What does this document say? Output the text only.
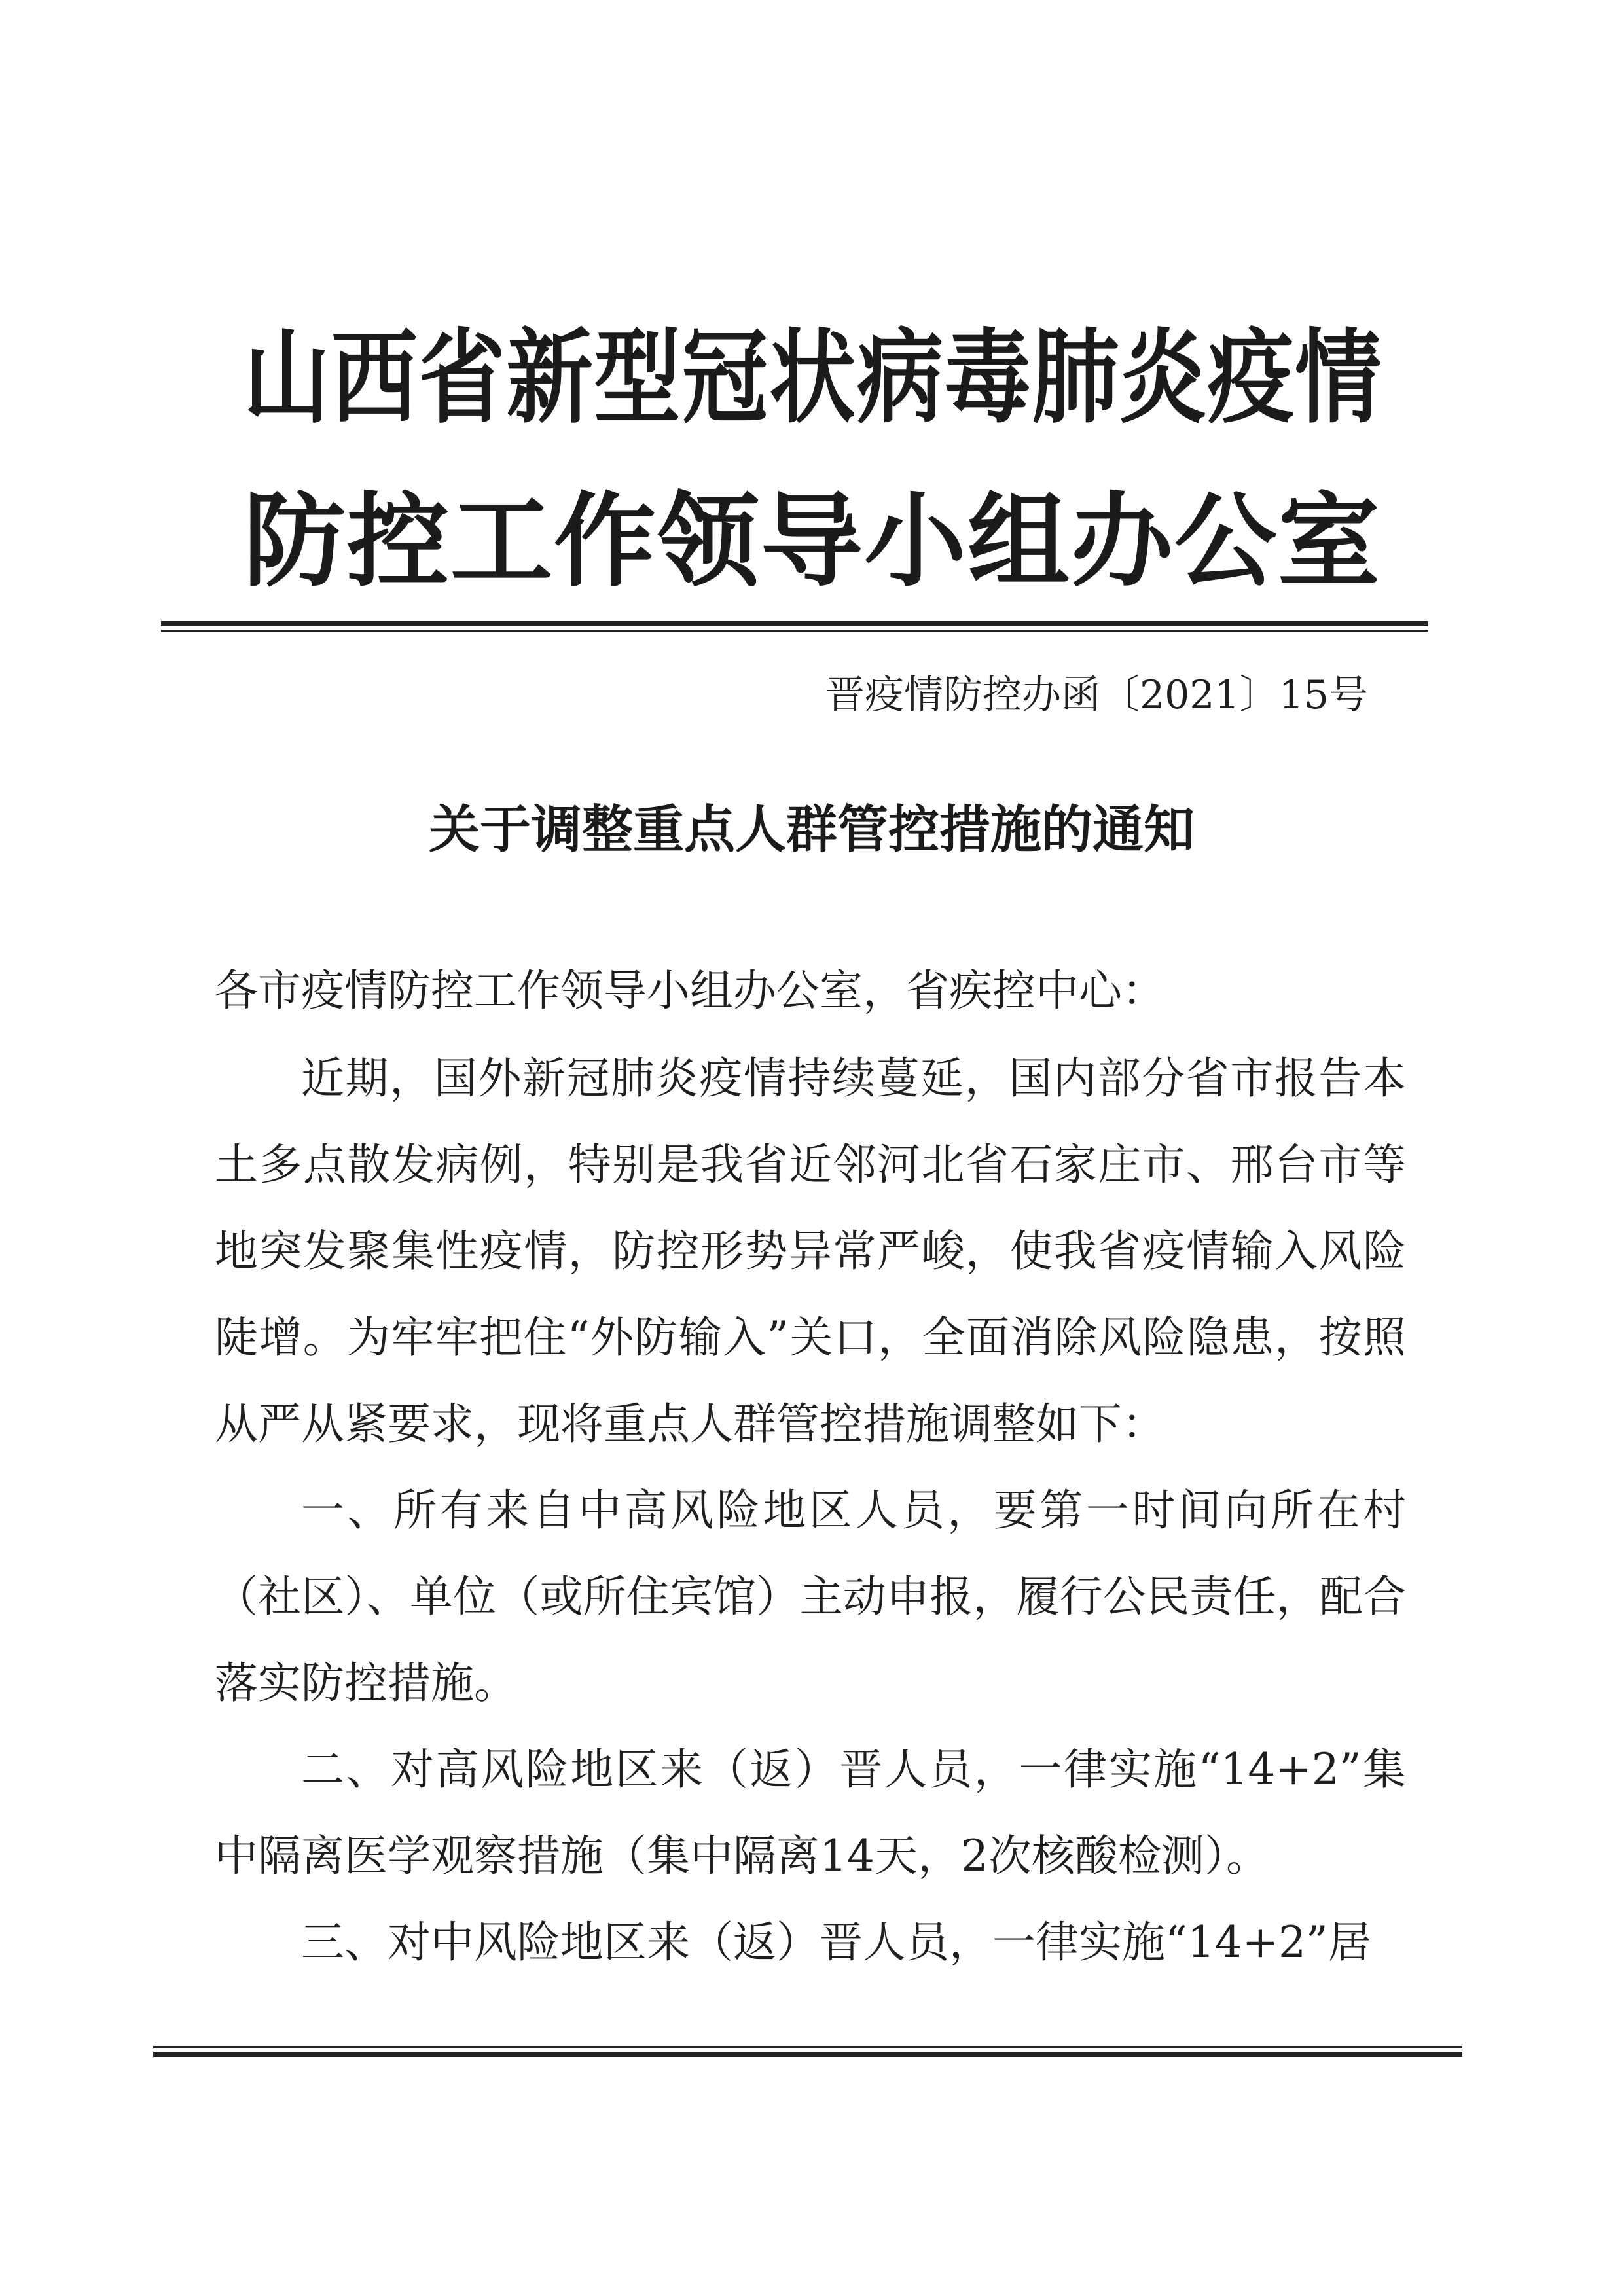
山西省新型冠状病毒肺炎疫情
防控工作领导小组办公室
晋疫情防控办函〔2021〕15号
关于调整重点人群管控措施的通知
各市疫情防控工作领导小组办公室，省疾控中心：

近期，国外新冠肺炎疫情持续蔓延，国内部分省市报告本土多点散发病例，特别是我省近邻河北省石家庄市、邢台市等地突发聚集性疫情，防控形势异常严峻，使我省疫情输入风险陡增。为牢牢把住“外防输入”关口，全面消除风险隐患，按照从严从紧要求，现将重点人群管控措施调整如下：

一、所有来自中高风险地区人员，要第一时间向所在村（社区）、单位（或所住宾馆）主动申报，履行公民责任，配合落实防控措施。

二、对高风险地区来（返）晋人员，一律实施“14+2”集中隔离医学观察措施（集中隔离14天，2次核酸检测）。

三、对中风险地区来（返）晋人员，一律实施“14+2”居
